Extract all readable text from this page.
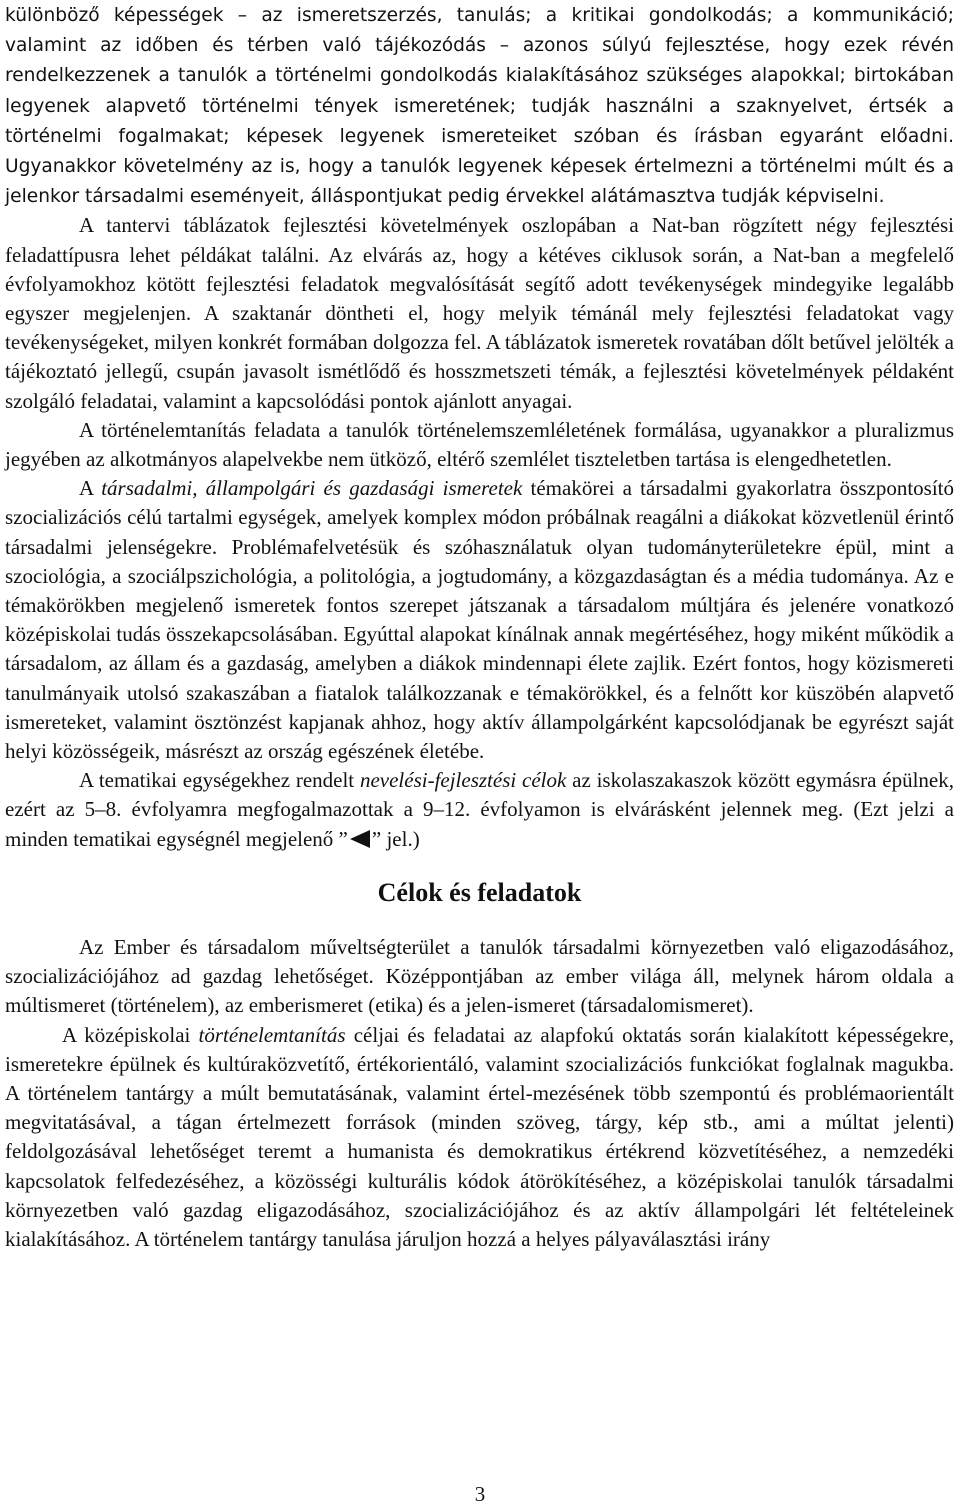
különböző képességek – az ismeretszerzés, tanulás; a kritikai gondolkodás; a kommunikáció; valamint az időben és térben való tájékozódás – azonos súlyú fejlesztése, hogy ezek révén rendelkezzenek a tanulók a történelmi gondolkodás kialakításához szükséges alapokkal; birtokában legyenek alapvető történelmi tények ismeretének; tudják használni a szaknyelvet, értsék a történelmi fogalmakat; képesek legyenek ismereteiket szóban és írásban egyaránt előadni. Ugyanakkor követelmény az is, hogy a tanulók legyenek képesek értelmezni a történelmi múlt és a jelenkor társadalmi eseményeit, álláspontjukat pedig érvekkel alátámasztva tudják képviselni.

A tantervi táblázatok fejlesztési követelmények oszlopában a Nat-ban rögzített négy fejlesztési feladattípusra lehet példákat találni. Az elvárás az, hogy a kétéves ciklusok során, a Nat-ban a megfelelő évfolyamokhoz kötött fejlesztési feladatok megvalósítását segítő adott tevékenységek mindegyike legalább egyszer megjelenjen. A szaktanár döntheti el, hogy melyik témánál mely fejlesztési feladatokat vagy tevékenységeket, milyen konkrét formában dolgozza fel. A táblázatok ismeretek rovatában dőlt betűvel jelölték a tájékoztató jellegű, csupán javasolt ismétlődő és hosszmetszeti témák, a fejlesztési követelmények példaként szolgáló feladatai, valamint a kapcsolódási pontok ajánlott anyagai.

A történelemtanítás feladata a tanulók történelemszemléletének formálása, ugyanakkor a pluralizmus jegyében az alkotmányos alapelvekbe nem ütköző, eltérő szemlélet tiszteletben tartása is elengedhetetlen.

A társadalmi, állampolgári és gazdasági ismeretek témakörei a társadalmi gyakorlatra összpontosító szocializációs célú tartalmi egységek, amelyek komplex módon próbálnak reagálni a diákokat közvetlenül érintő társadalmi jelenségekre. Problémafelvetésük és szóhasználatuk olyan tudományterületekre épül, mint a szociológia, a szociálpszichológia, a politológia, a jogtudomány, a közgazdaságtan és a média tudománya. Az e témakörökben megjelenő ismeretek fontos szerepet játszanak a társadalom múltjára és jelenére vonatkozó középiskolai tudás összekapcsolásában. Egyúttal alapokat kínálnak annak megértéséhez, hogy miként működik a társadalom, az állam és a gazdaság, amelyben a diákok mindennapi élete zajlik. Ezért fontos, hogy közismereti tanulmányaik utolsó szakaszában a fiatalok találkozzanak e témakörökkel, és a felnőtt kor küszöbén alapvető ismereteket, valamint ösztönzést kapjanak ahhoz, hogy aktív állampolgárként kapcsolódjanak be egyrészt saját helyi közösségeik, másrészt az ország egészének életébe.

A tematikai egységekhez rendelt nevelési-fejlesztési célok az iskolaszakaszok között egymásra épülnek, ezért az 5–8. évfolyamra megfogalmazottak a 9–12. évfolyamon is elvárásként jelennek meg. (Ezt jelzi a minden tematikai egységnél megjelenő ” ” jel.)

Célok és feladatok

Az Ember és társadalom műveltségterület a tanulók társadalmi környezetben való eligazodásához, szocializációjához ad gazdag lehetőséget. Középpontjában az ember világa áll, melynek három oldala a múltismeret (történelem), az emberismeret (etika) és a jelen-ismeret (társadalomismeret).

A középiskolai történelemtanítás céljai és feladatai az alapfokú oktatás során kialakított képességekre, ismeretekre épülnek és kultúraközvetítő, értékorientáló, valamint szocializációs funkciókat foglalnak magukba. A történelem tantárgy a múlt bemutatásának, valamint értel-mezésének több szempontú és problémaorientált megvitatásával, a tágan értelmezett források (minden szöveg, tárgy, kép stb., ami a múltat jelenti) feldolgozásával lehetőséget teremt a humanista és demokratikus értékrend közvetítéséhez, a nemzedéki kapcsolatok felfedezéséhez, a közösségi kulturális kódok átörökítéséhez, a középiskolai tanulók társadalmi környezetben való gazdag eligazodásához, szocializációjához és az aktív állampolgári lét feltételeinek kialakításához. A történelem tantárgy tanulása járuljon hozzá a helyes pályaválasztási irány

3
